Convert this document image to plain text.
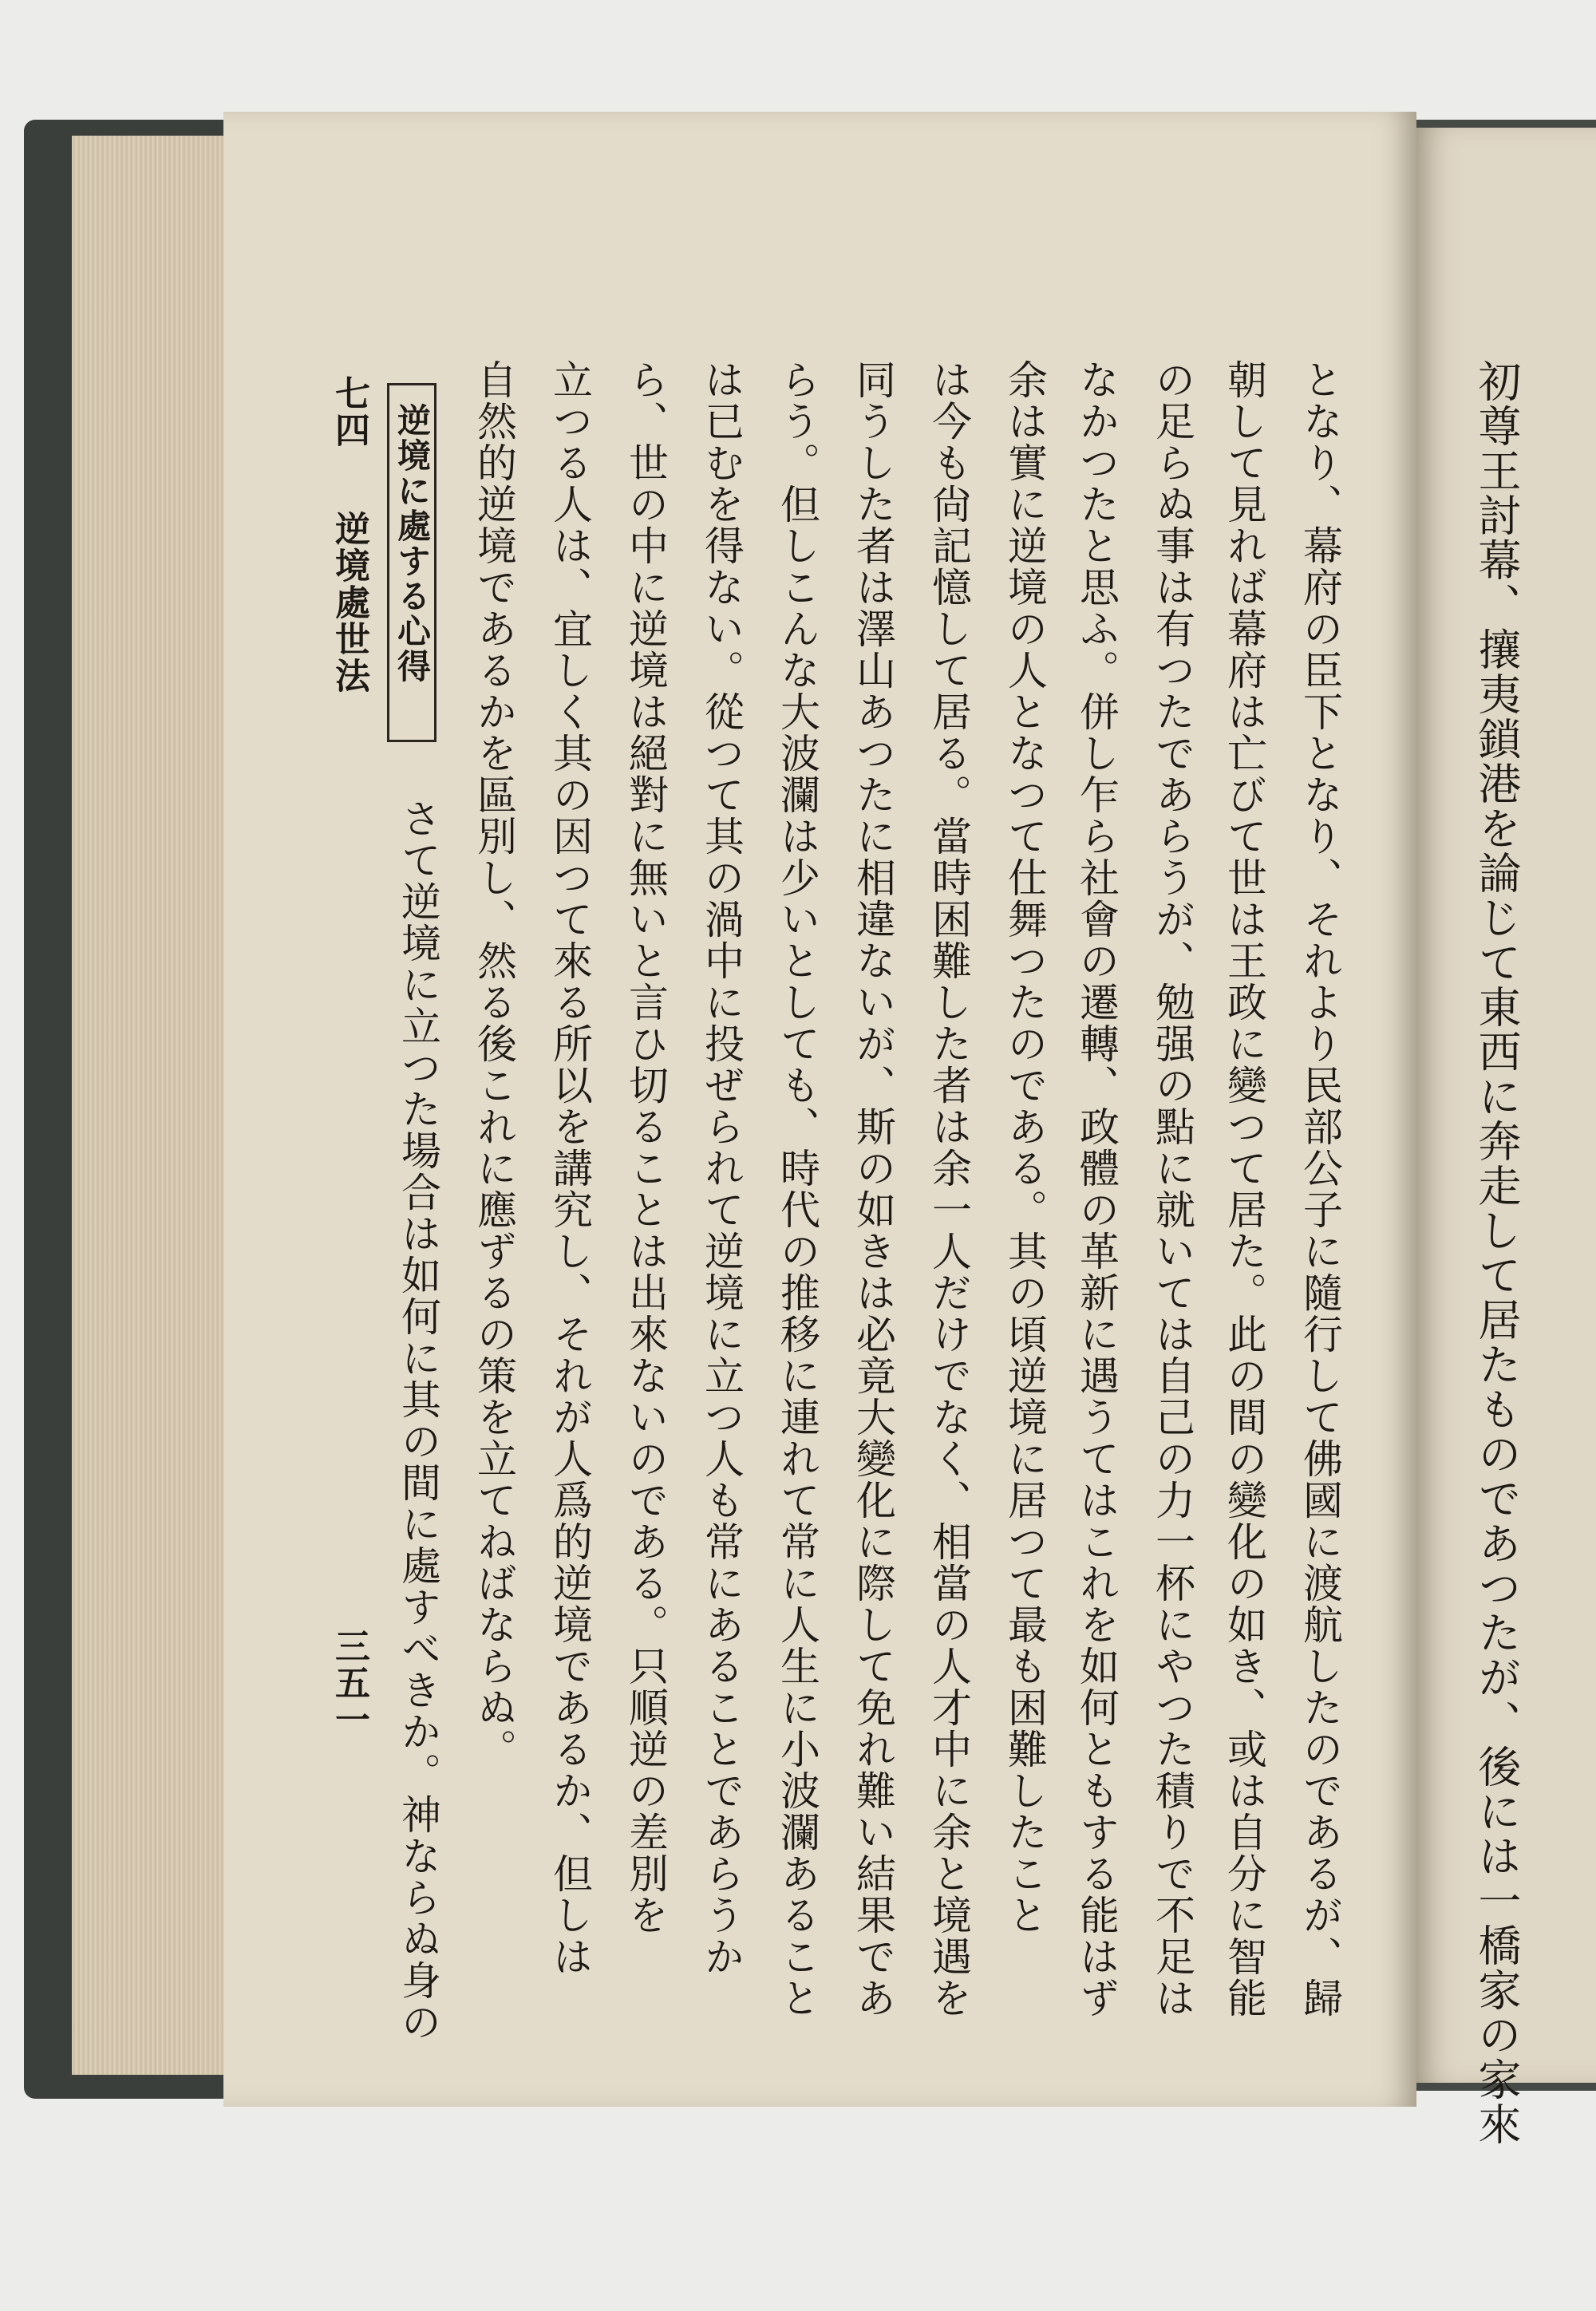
初尊王討幕、攘夷鎖港を論じて東西に奔走して居たものであつたが、後には一橋家の家來
七四
逆境處世法
三五一
逆境に處する心得	となり、幕府の臣下となり、それより民部公子に隨行して佛國に渡航したのであるが、歸
朝して見れば幕府は亡びて世は王政に變つて居た。此の間の變化の如き、或は自分に智能
の足らぬ事は有つたであらうが、勉强の點に就いては自己の力一杯にやつた積りで不足は
なかつたと思ふ。併し乍ら社會の遷轉、政體の革新に遇うてはこれを如何ともする能はず
余は實に逆境の人となつて仕舞つたのである。其の頃逆境に居つて最も困難したこと
は今も尙記憶して居る。當時困難した者は余一人だけでなく、相當の人才中に余と境遇を
同うした者は澤山あつたに相違ないが、斯の如きは必竟大變化に際して免れ難い結果であ
らう。但しこんな大波瀾は少いとしても、時代の推移に連れて常に人生に小波瀾あること
は已むを得ない。從つて其の渦中に投ぜられて逆境に立つ人も常にあることであらうか
ら、世の中に逆境は絕對に無いと言ひ切ることは出來ないのである。只順逆の差別を
立つる人は、宜しく其の因つて來る所以を講究し、それが人爲的逆境であるか、但しは
自然的逆境であるかを區別し、然る後これに應ずるの策を立てねばならぬ。
さて逆境に立つた場合は如何に其の間に處すべきか。神ならぬ身の
